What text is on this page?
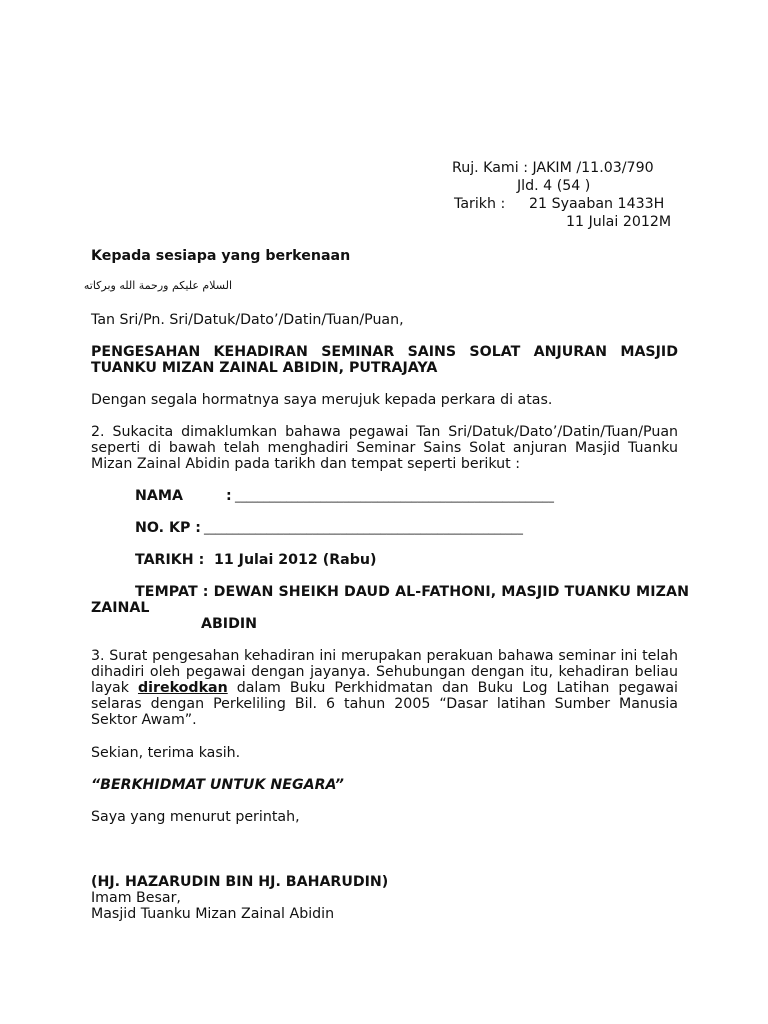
Ruj. Kami : JAKIM /11.03/790
Jld. 4 (54 )
Tarikh : 21 Syaaban 1433H
11 Julai 2012M
Kepada sesiapa yang berkenaan
السلام عليكم ورحمة الله وبركاته
Tan Sri/Pn. Sri/Datuk/Dato’/Datin/Tuan/Puan,
PENGESAHAN KEHADIRAN SEMINAR SAINS SOLAT ANJURAN MASJID TUANKU MIZAN ZAINAL ABIDIN, PUTRAJAYA
Dengan segala hormatnya saya merujuk kepada perkara di atas.
2. Sukacita dimaklumkan bahawa pegawai Tan Sri/Datuk/Dato’/Datin/Tuan/Puan seperti di bawah telah menghadiri Seminar Sains Solat anjuran Masjid Tuanku Mizan Zainal Abidin pada tarikh dan tempat seperti berikut :
NAMA	: ________________________________________________________
NO. KP : ________________________________________________________
TARIKH : 11 Julai 2012 (Rabu)
TEMPAT : DEWAN SHEIKH DAUD AL-FATHONI, MASJID TUANKU MIZAN
ZAINAL
ABIDIN
3. Surat pengesahan kehadiran ini merupakan perakuan bahawa seminar ini telah dihadiri oleh pegawai dengan jayanya. Sehubungan dengan itu, kehadiran beliau layak direkodkan dalam Buku Perkhidmatan dan Buku Log Latihan pegawai selaras dengan Perkeliling Bil. 6 tahun 2005 “Dasar latihan Sumber Manusia Sektor Awam”.
Sekian, terima kasih.
“BERKHIDMAT UNTUK NEGARA”
Saya yang menurut perintah,
(HJ. HAZARUDIN BIN HJ. BAHARUDIN)
Imam Besar,
Masjid Tuanku Mizan Zainal Abidin
